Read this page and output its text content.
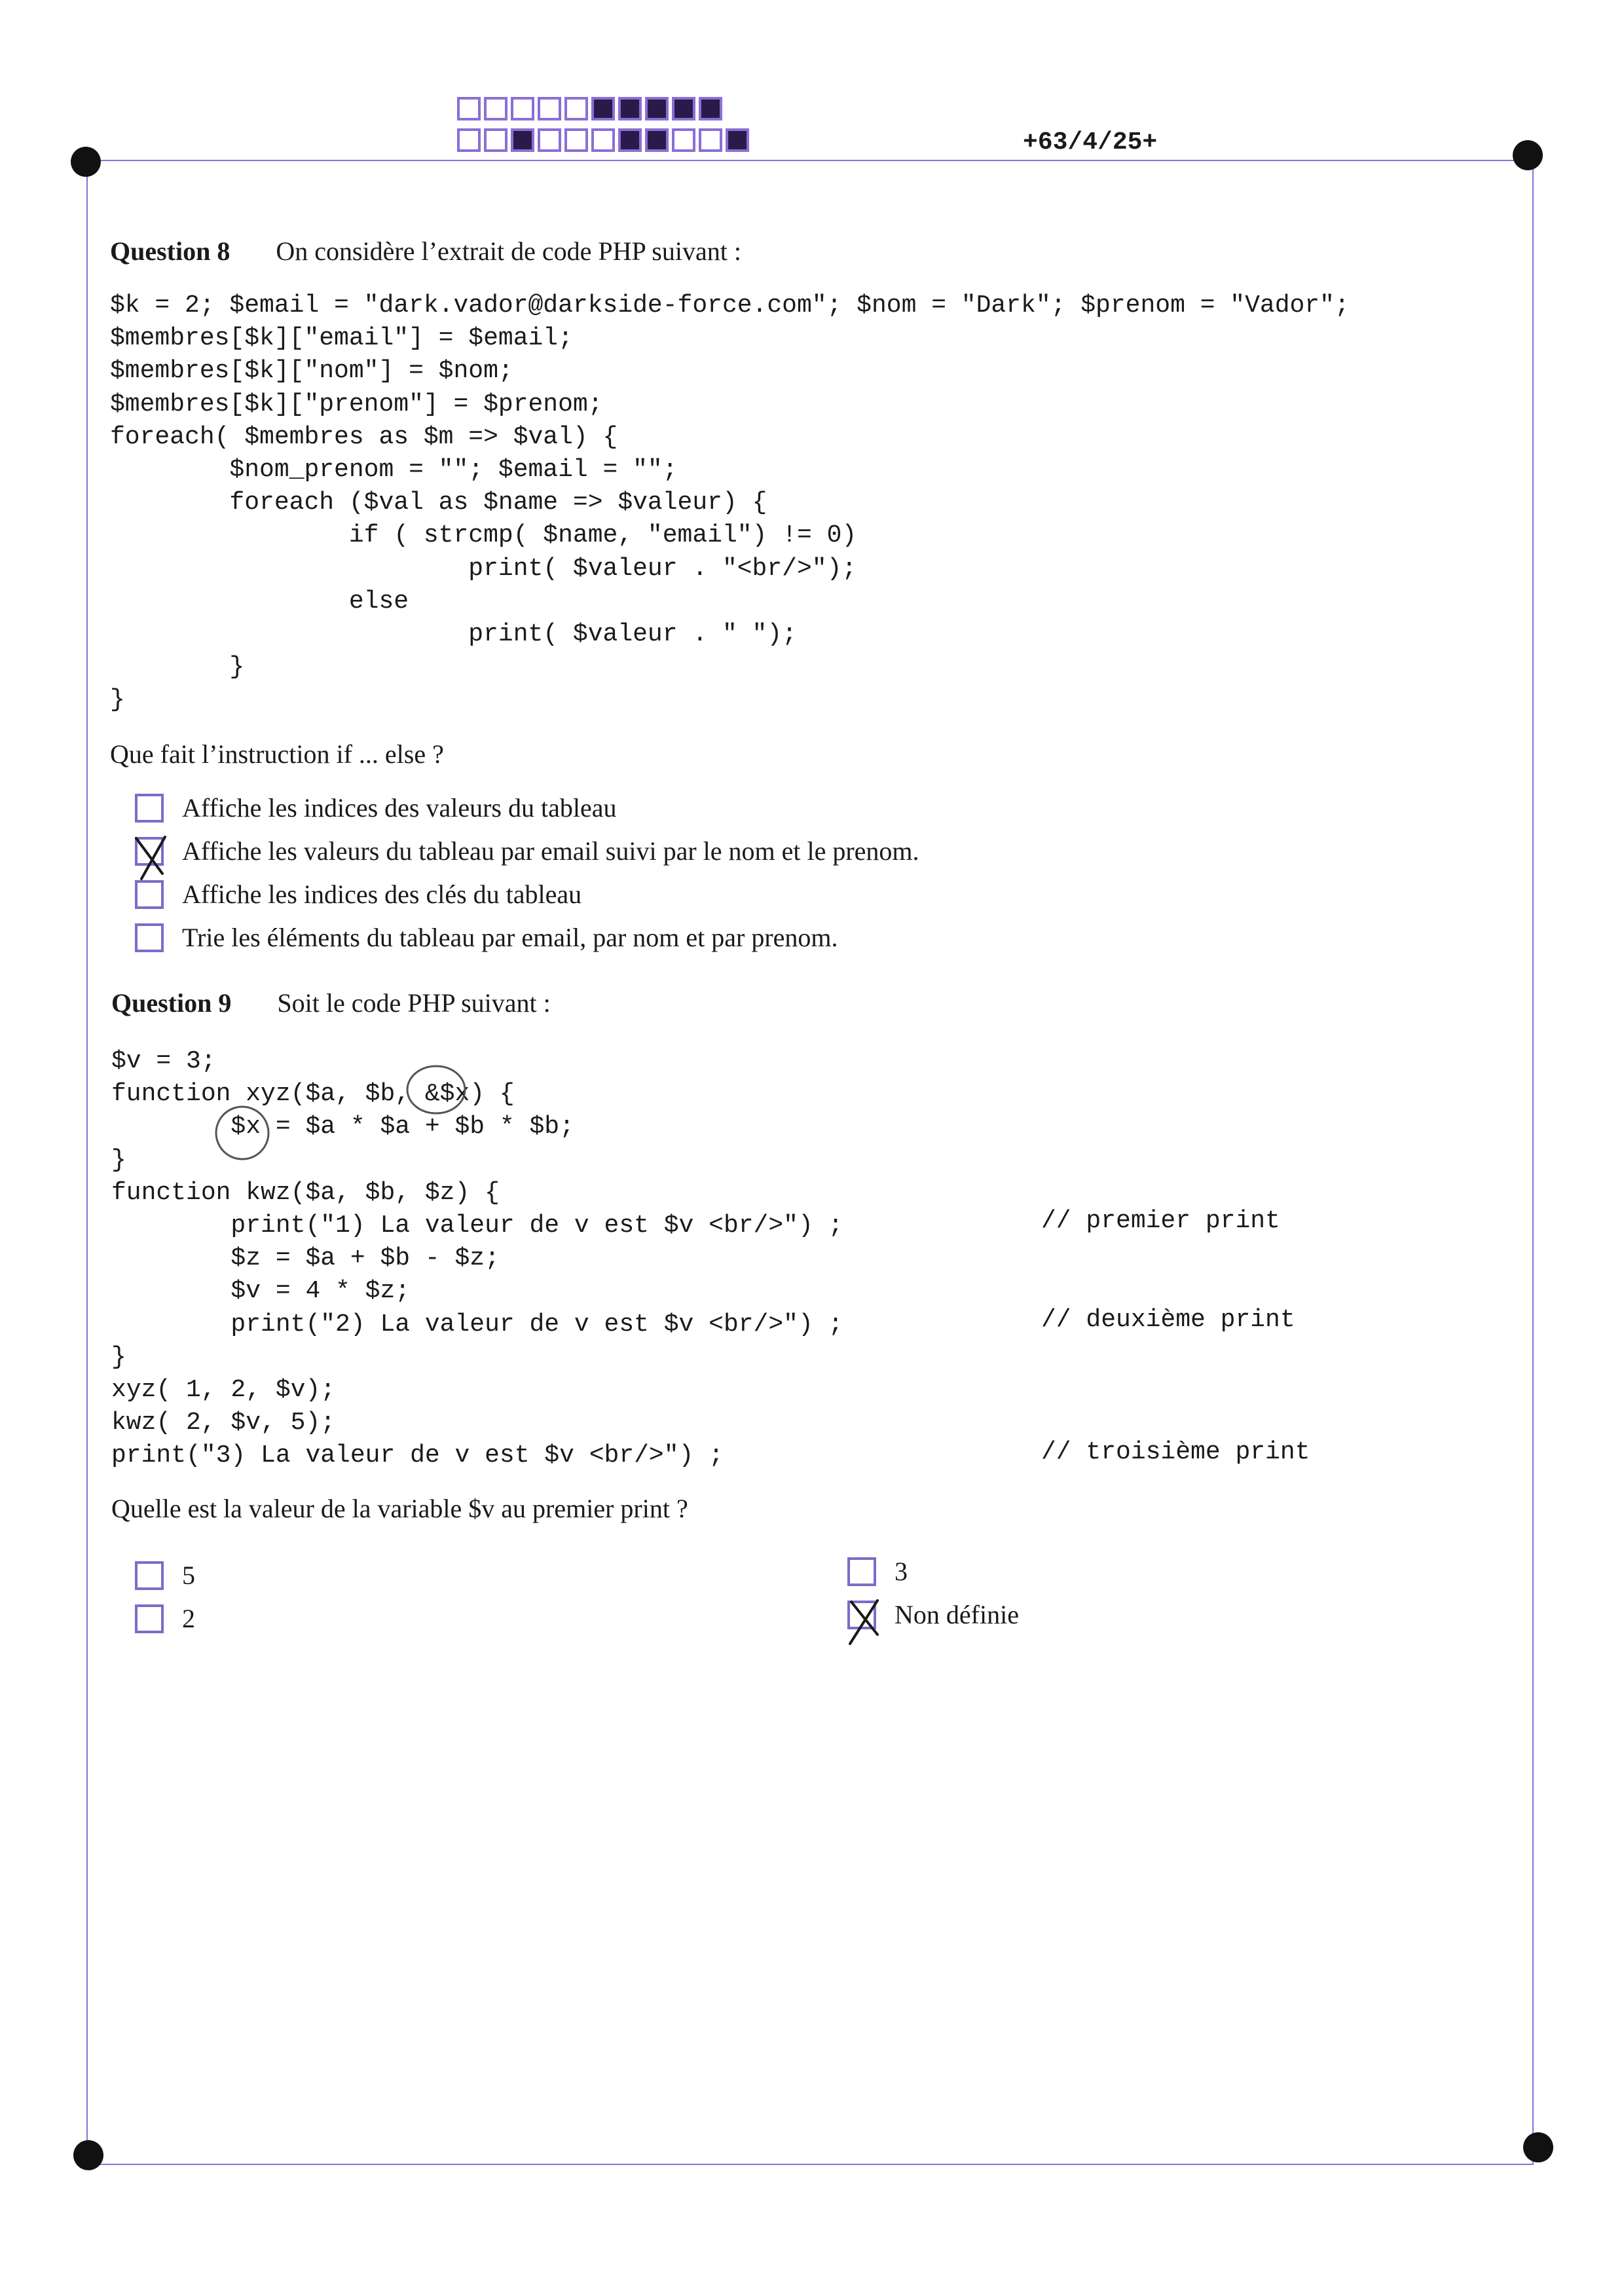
+63/4/25+
Question 8 On considère l’extrait de code PHP suivant :
$k = 2; $email = "dark.vador@darkside-force.com"; $nom = "Dark"; $prenom = "Vador";
$membres[$k]["email"] = $email;
$membres[$k]["nom"] = $nom;
$membres[$k]["prenom"] = $prenom;
foreach( $membres as $m => $val) {
$nom_prenom = ""; $email = "";
foreach ($val as $name => $valeur) {
if ( strcmp( $name, "email") != 0)
print( $valeur . "<br/>");
else
print( $valeur . " ");
}
}
Que fait l’instruction if ... else ?
Affiche les indices des valeurs du tableau
Affiche les valeurs du tableau par email suivi par le nom et le prenom.
Affiche les indices des clés du tableau
Trie les éléments du tableau par email, par nom et par prenom.
Question 9 Soit le code PHP suivant :
$v = 3;
function xyz($a, $b, &$x) {
$x = $a * $a + $b * $b;
}
function kwz($a, $b, $z) {
print("1) La valeur de v est $v <br/>") ;
$z = $a + $b - $z;
$v = 4 * $z;
print("2) La valeur de v est $v <br/>") ;
}
xyz( 1, 2, $v);
kwz( 2, $v, 5);
print("3) La valeur de v est $v <br/>") ;
// premier print
// deuxième print
// troisième print
Quelle est la valeur de la variable $v au premier print ?
5
2
3
Non définie
